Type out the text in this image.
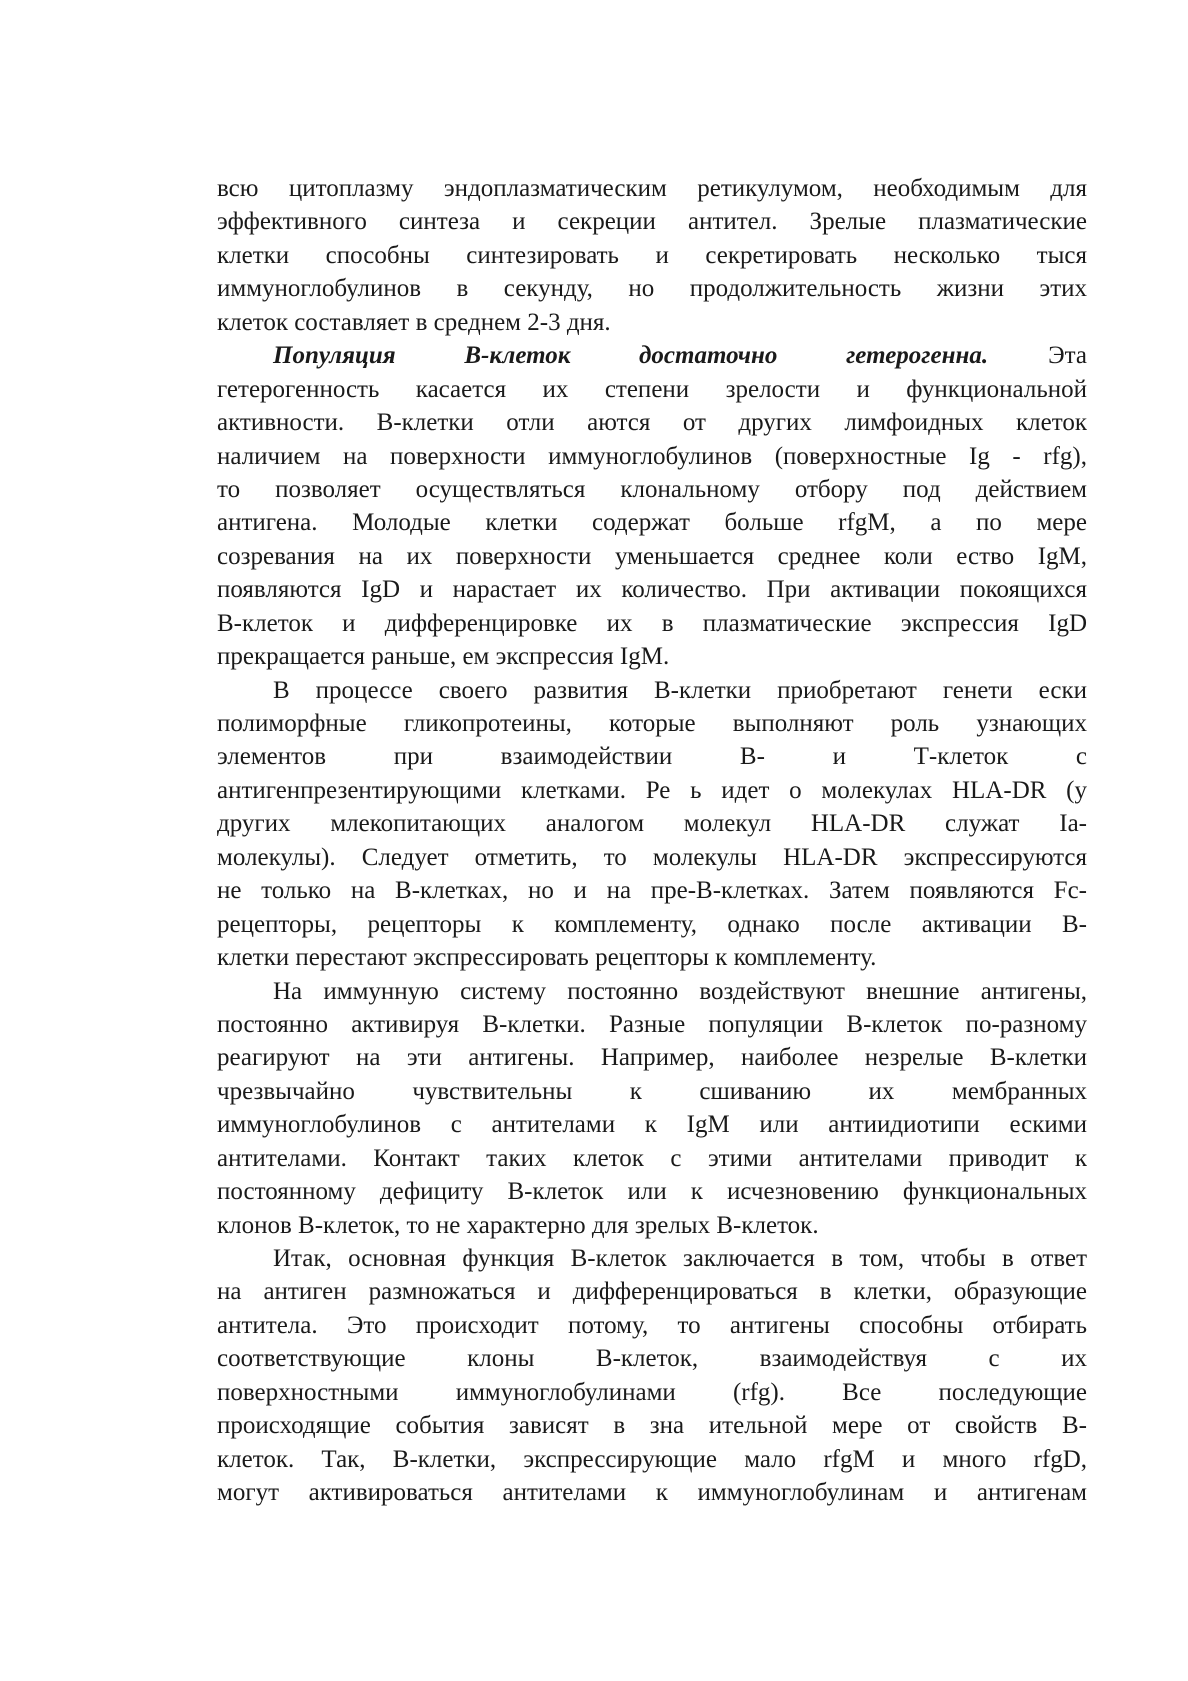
всю цитоплазму эндоплазматическим ретикулумом, необходимым для
эффективного синтеза и секреции антител. Зрелые плазматические
клетки способны синтезировать и секретировать несколько тыся
иммуноглобулинов в секунду, но продолжительность жизни этих
клеток составляет в среднем 2-3 дня.
Популяция	В-клеток	достаточно	гетерогенна. Эта
гетерогенность касается их степени зрелости и функциональной
активности. В-клетки отли аются от других лимфоидных клеток
наличием на поверхности иммуноглобулинов (поверхностные Ig - rfg),
то позволяет осуществляться клональному отбору под действием
антигена. Молодые клетки содержат больше rfgM, а по мере
созревания на их поверхности уменьшается среднее коли ество IgM,
появляются IgD и нарастает их количество. При активации покоящихся
В-клеток и дифференцировке их в плазматические экспрессия IgD
прекращается раньше, ем экспрессия IgM.
В процессе своего развития В-клетки приобретают генети ески
полиморфные гликопротеины, которые выполняют роль узнающих
элементов при взаимодействии В- и Т-клеток с
антигенпрезентирующими клетками. Ре ь идет о молекулах HLA-DR (у
других млекопитающих аналогом молекул HLA-DR служат Ia-
молекулы). Следует отметить, то молекулы HLA-DR экспрессируются
не только на В-клетках, но и на пре-В-клетках. Затем появляются Fc-
рецепторы, рецепторы к комплементу, однако после активации В-
клетки перестают экспрессировать рецепторы к комплементу.
На иммунную систему постоянно воздействуют внешние антигены,
постоянно активируя В-клетки. Разные популяции В-клеток по-разному
реагируют на эти антигены. Например, наиболее незрелые В-клетки
чрезвычайно чувствительны к сшиванию их мембранных
иммуноглобулинов с антителами к IgM или антиидиотипи ескими
антителами. Контакт таких клеток с этими антителами приводит к
постоянному дефициту В-клеток или к исчезновению функциональных
клонов В-клеток, то не характерно для зрелых В-клеток.
Итак, основная функция В-клеток заключается в том, чтобы в ответ
на антиген размножаться и дифференцироваться в клетки, образующие
антитела. Это происходит потому, то антигены способны отбирать
соответствующие клоны В-клеток, взаимодействуя с их
поверхностными иммуноглобулинами (rfg). Все последующие
происходящие события зависят в зна ительной мере от свойств В-
клеток. Так, В-клетки, экспрессирующие мало rfgM и много rfgD,
могут активироваться антителами к иммуноглобулинам и антигенам
